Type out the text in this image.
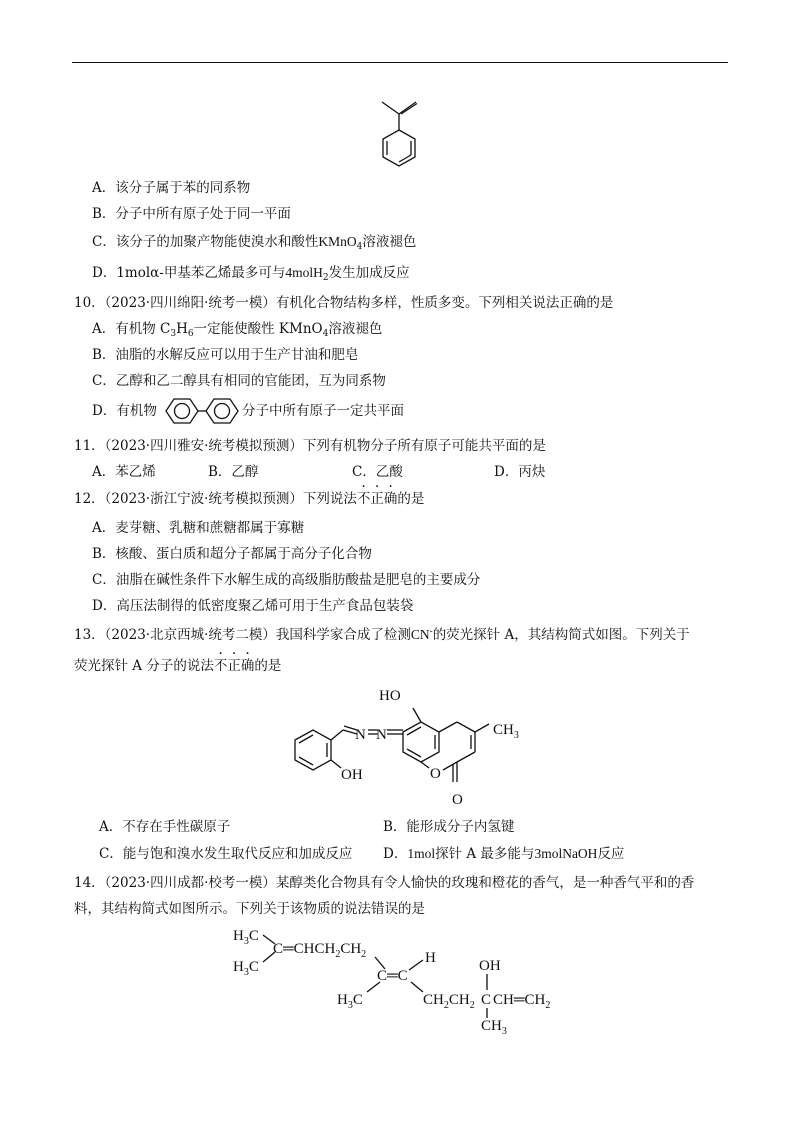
A．该分子属于苯的同系物
B．分子中所有原子处于同一平面
C．该分子的加聚产物能使溴水和酸性KMnO$_4$溶液褪色
D．1molα-甲基苯乙烯最多可与4molH$_2$发生加成反应
10．（2023·四川绵阳·统考一模）有机化合物结构多样，性质多变。下列相关说法正确的是
A．有机物 $C_3H_6$一定能使酸性 KMnO$_4$溶液褪色
B．油脂的水解反应可以用于生产甘油和肥皂
C．乙醇和乙二醇具有相同的官能团，互为同系物
D．有机物	分子中所有原子一定共平面
11．（2023·四川雅安·统考模拟预测）下列有机物分子所有原子可能共平面的是
A．苯乙烯	B．乙醇	C．乙酸	D．丙炔
12．（2023·浙江宁波·统考模拟预测）下列说法不正确的是
A．麦芽糖、乳糖和蔗糖都属于寡糖
B．核酸、蛋白质和超分子都属于高分子化合物
C．油脂在碱性条件下水解生成的高级脂肪酸盐是肥皂的主要成分
D．高压法制得的低密度聚乙烯可用于生产食品包装袋
13．（2023·北京西城·统考二模）我国科学家合成了检测CN-的荧光探针 A，其结构简式如图。下列关于
荧光探针 A 分子的说法不正确的是
OH
N N
HO
O
O
$CH_3$
A．不存在手性碳原子	B．能形成分子内氢键
C．能与饱和溴水发生取代反应和加成反应 D．1mol探针 A 最多能与3molNaOH反应
14．（2023·四川成都·校考一模）某醇类化合物具有令人愉快的玫瑰和橙花的香气，是一种香气平和的香
料，其结构简式如图所示。下列关于该物质的说法错误的是
$H_3C$
$H_3C$
$C═CHCH_2CH_2$
C═C
H
$H_3C$	$CH_2CH_2$ C
OH
$CH═CH_2$
$CH_3$
